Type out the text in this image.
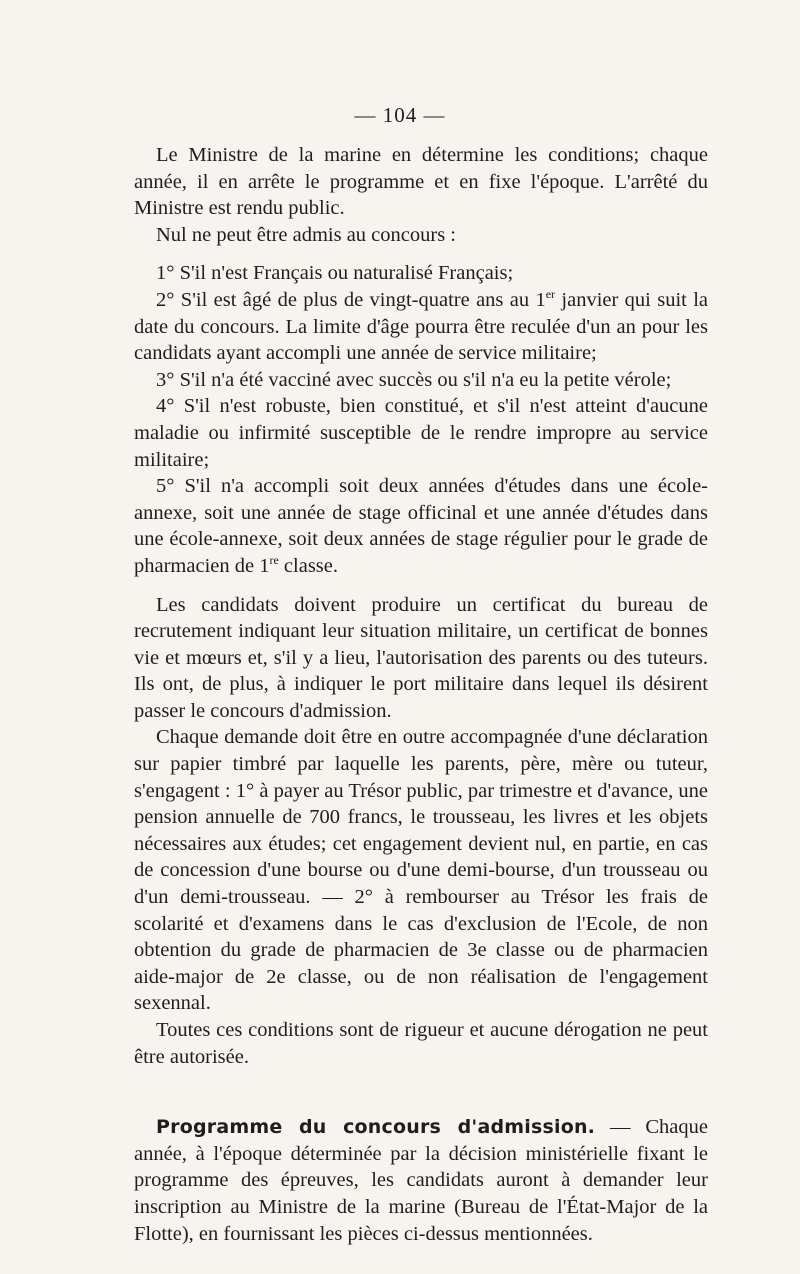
— 104 —

Le Ministre de la marine en détermine les conditions; chaque année, il en arrête le programme et en fixe l'époque. L'arrêté du Ministre est rendu public.

Nul ne peut être admis au concours :

1° S'il n'est Français ou naturalisé Français;

2° S'il est âgé de plus de vingt-quatre ans au 1er janvier qui suit la date du concours. La limite d'âge pourra être reculée d'un an pour les candidats ayant accompli une année de service militaire;

3° S'il n'a été vacciné avec succès ou s'il n'a eu la petite vérole;

4° S'il n'est robuste, bien constitué, et s'il n'est atteint d'aucune maladie ou infirmité susceptible de le rendre impropre au service militaire;

5° S'il n'a accompli soit deux années d'études dans une école-annexe, soit une année de stage officinal et une année d'études dans une école-annexe, soit deux années de stage régulier pour le grade de pharmacien de 1re classe.

Les candidats doivent produire un certificat du bureau de recrutement indiquant leur situation militaire, un certificat de bonnes vie et mœurs et, s'il y a lieu, l'autorisation des parents ou des tuteurs. Ils ont, de plus, à indiquer le port militaire dans lequel ils désirent passer le concours d'admission.

Chaque demande doit être en outre accompagnée d'une déclaration sur papier timbré par laquelle les parents, père, mère ou tuteur, s'engagent : 1° à payer au Trésor public, par trimestre et d'avance, une pension annuelle de 700 francs, le trousseau, les livres et les objets nécessaires aux études; cet engagement devient nul, en partie, en cas de concession d'une bourse ou d'une demi-bourse, d'un trousseau ou d'un demi-trousseau. — 2° à rembourser au Trésor les frais de scolarité et d'examens dans le cas d'exclusion de l'Ecole, de non obtention du grade de pharmacien de 3e classe ou de pharmacien aide-major de 2e classe, ou de non réalisation de l'engagement sexennal.

Toutes ces conditions sont de rigueur et aucune dérogation ne peut être autorisée.

Programme du concours d'admission. — Chaque année, à l'époque déterminée par la décision ministérielle fixant le programme des épreuves, les candidats auront à demander leur inscription au Ministre de la marine (Bureau de l'État-Major de la Flotte), en fournissant les pièces ci-dessus mentionnées.
